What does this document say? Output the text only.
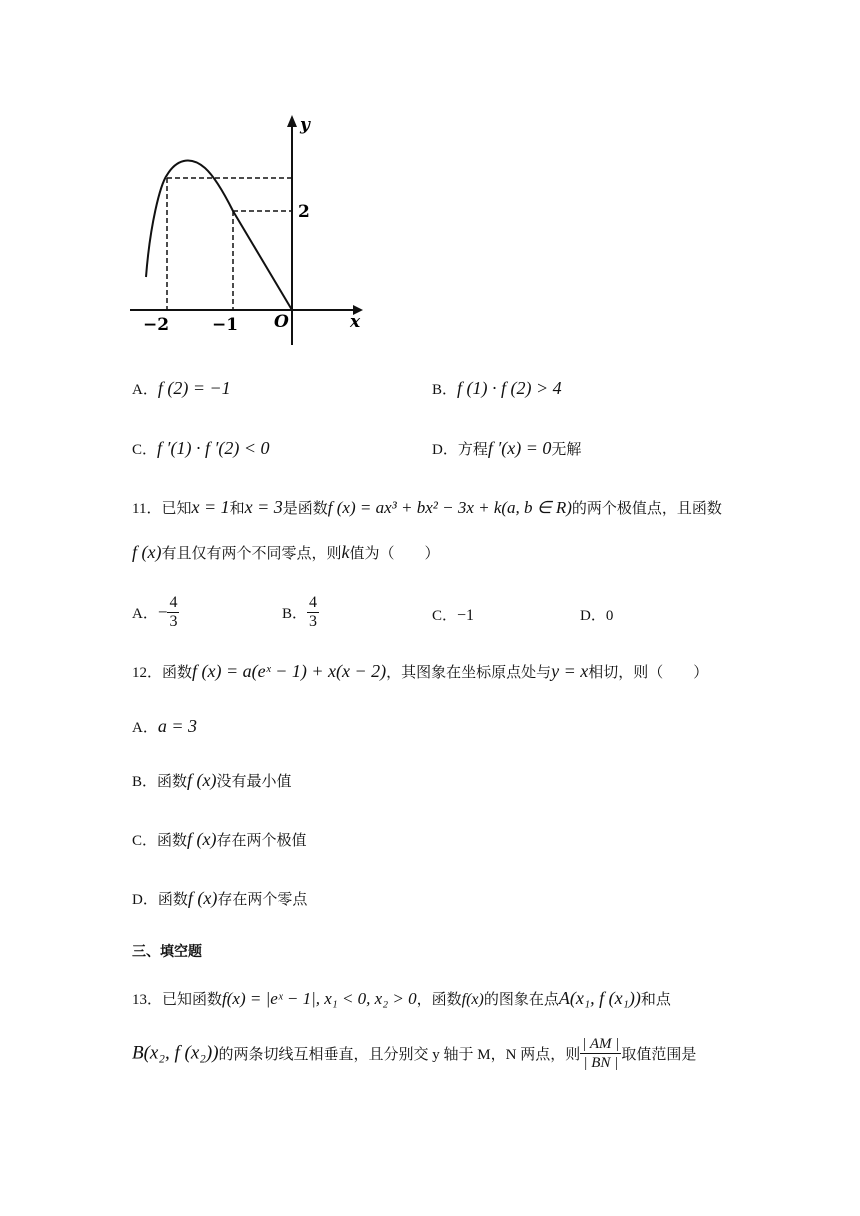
y
x
O
−2	−1
2
A．f (2) = −1	B．f (1) · f (2) > 4
C．f ′(1) · f ′(2) < 0	D．方程f ′(x) = 0无解
11．已知x = 1和x = 3是函数f (x) = ax³ + bx² − 3x + k(a, b ∈ R)的两个极值点，且函数
f (x)有且仅有两个不同零点，则k值为（　　）
A．− $\frac{4}{3}$	B． $\frac{4}{3}$	C．−1	D．0
12．函数f (x) = a(eˣ − 1) + x(x − 2)，其图象在坐标原点处与y = x相切，则（　　）
A．a = 3
B．函数f (x)没有最小值
C．函数f (x)存在两个极值
D．函数f (x)存在两个零点
三、填空题
13．已知函数f(x) = |eˣ − 1|, x₁ < 0, x₂ > 0，函数f(x)的图象在点A(x₁, f (x₁))和点
B(x₂, f (x₂))的两条切线互相垂直，且分别交 y 轴于 M，N 两点，则 $\frac{| AM |}{| BN |}$ 取值范围是
